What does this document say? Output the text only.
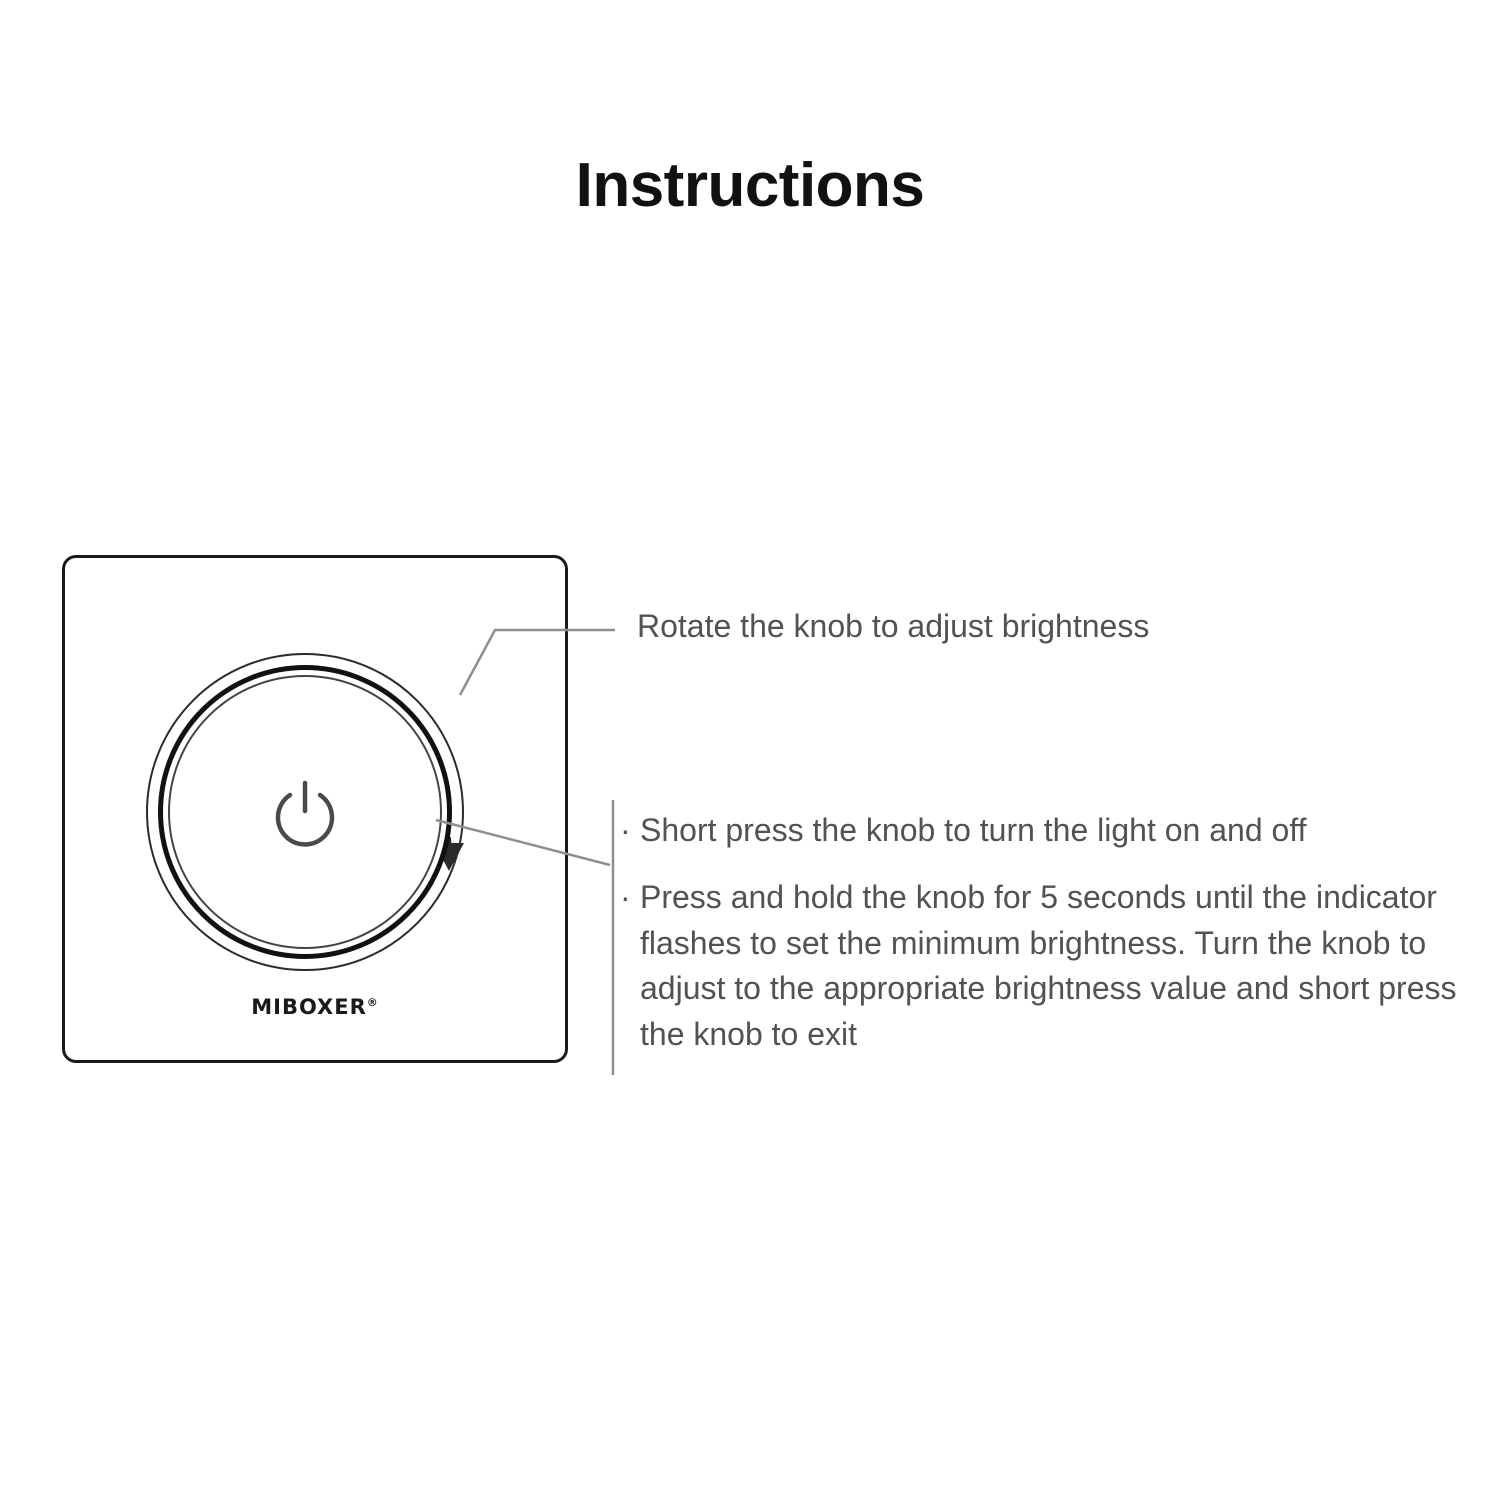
Instructions
MIBOXER®
Rotate the knob to adjust brightness
· Short press the knob to turn the light on and off

· Press and hold the knob for 5 seconds until the indicator flashes to set the minimum brightness. Turn the knob to adjust to the appropriate brightness value and short press the knob to exit
